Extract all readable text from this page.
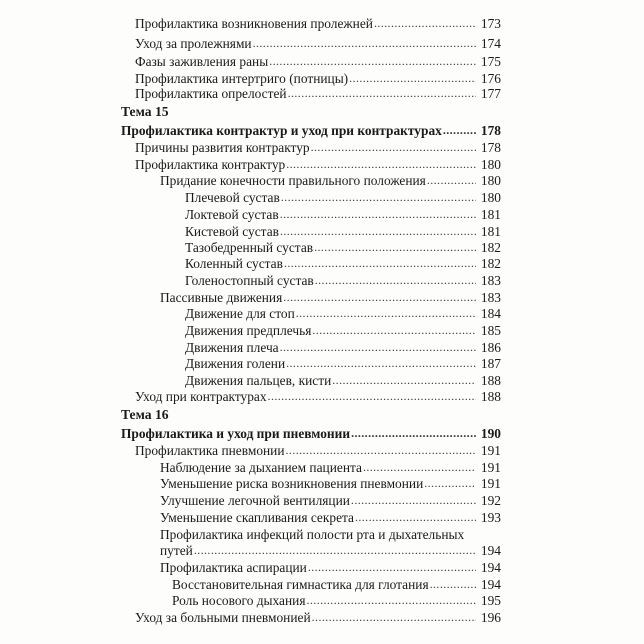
Профилактика возникновения пролежней .....	173
Уход за пролежнями .....	174
Фазы заживления раны .....	175
Профилактика интертриго (потницы) .....	176
Профилактика опрелостей .....	177
Тема 15
Профилактика контрактур и уход при контрактурах .....	178
Причины развития контрактур .....	178
Профилактика контрактур .....	180
Придание конечности правильного положения .....	180
Плечевой сустав .....	180
Локтевой сустав .....	181
Кистевой сустав .....	181
Тазобедренный сустав .....	182
Коленный сустав .....	182
Голеностопный сустав .....	183
Пассивные движения .....	183
Движение для стоп .....	184
Движения предплечья .....	185
Движения плеча .....	186
Движения голени .....	187
Движения пальцев, кисти .....	188
Уход при контрактурах .....	188
Тема 16
Профилактика и уход при пневмонии .....	190
Профилактика пневмонии .....	191
Наблюдение за дыханием пациента .....	191
Уменьшение риска возникновения пневмонии .....	191
Улучшение легочной вентиляции .....	192
Уменьшение скапливания секрета .....	193
Профилактика инфекций полости рта и дыхательных
путей .....	194
Профилактика аспирации .....	194
Восстановительная гимнастика для глотания .....	194
Роль носового дыхания .....	195
Уход за больными пневмонией .....	196
